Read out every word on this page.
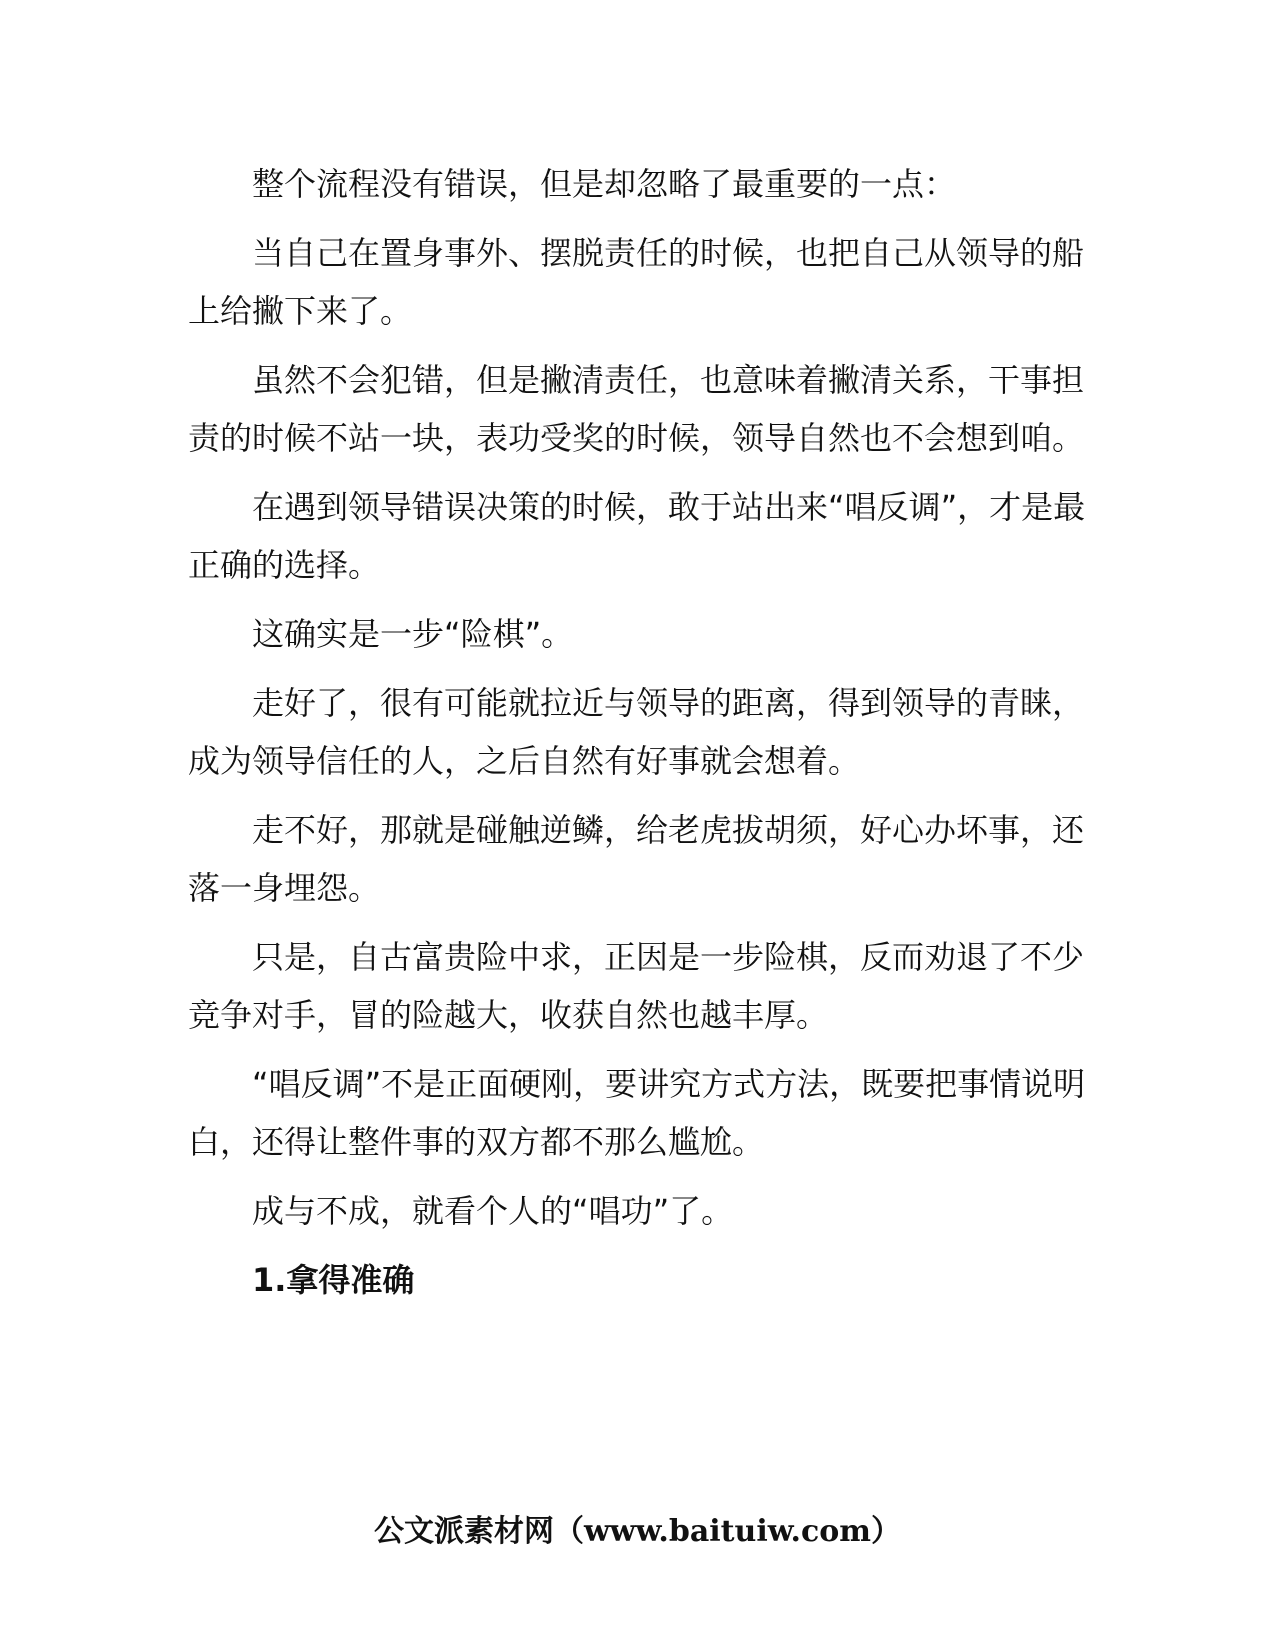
整个流程没有错误，但是却忽略了最重要的一点：

当自己在置身事外、摆脱责任的时候，也把自己从领导的船上给撇下来了。

虽然不会犯错，但是撇清责任，也意味着撇清关系，干事担责的时候不站一块，表功受奖的时候，领导自然也不会想到咱。

在遇到领导错误决策的时候，敢于站出来“唱反调”，才是最正确的选择。

这确实是一步“险棋”。

走好了，很有可能就拉近与领导的距离，得到领导的青睐，成为领导信任的人，之后自然有好事就会想着。

走不好，那就是碰触逆鳞，给老虎拔胡须，好心办坏事，还落一身埋怨。

只是，自古富贵险中求，正因是一步险棋，反而劝退了不少竞争对手，冒的险越大，收获自然也越丰厚。

“唱反调”不是正面硬刚，要讲究方式方法，既要把事情说明白，还得让整件事的双方都不那么尴尬。

成与不成，就看个人的“唱功”了。

1.拿得准确

公文派素材网（www.baituiw.com）
